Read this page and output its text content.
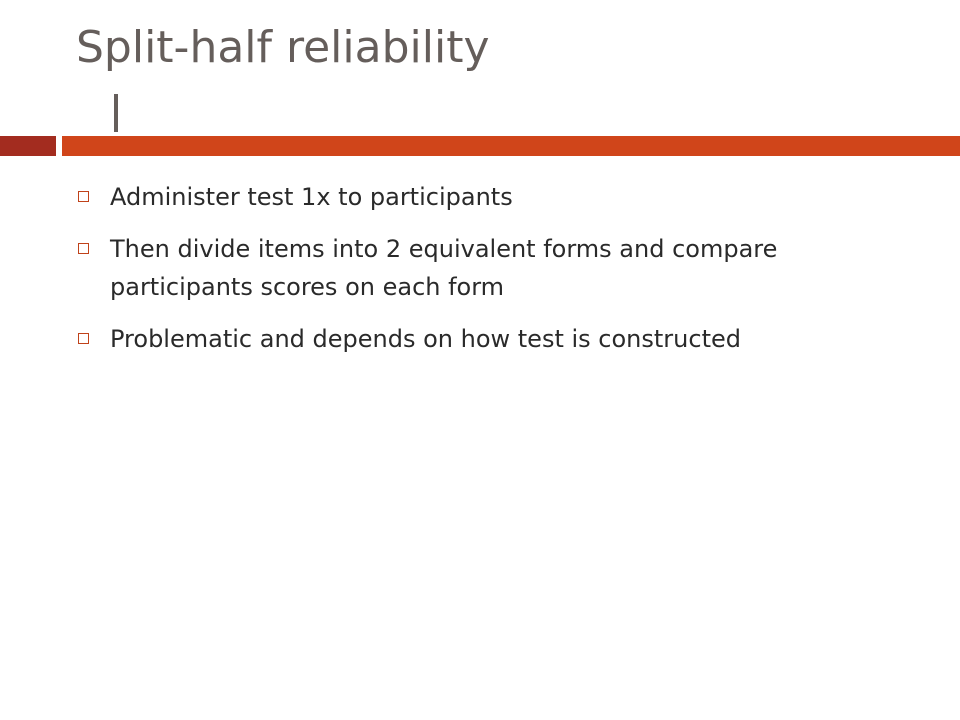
Split-half reliability
Administer test 1x to participants
Then divide items into 2 equivalent forms and compare participants scores on each form
Problematic and depends on how test is constructed
